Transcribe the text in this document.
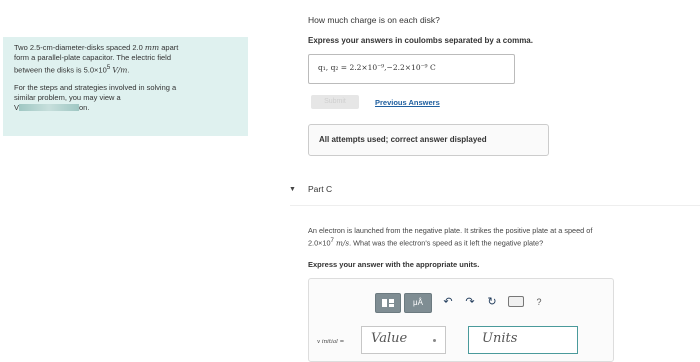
Two 2.5-cm-diameter-disks spaced 2.0 mm apart
form a parallel-plate capacitor. The electric field
between the disks is $5.0\times 10^5$ V/m.

For the steps and strategies involved in solving a
similar problem, you may view a
V	on.

How much charge is on each disk?
Express your answers in coulombs separated by a comma.
q₁, q₂ = 2.2×10⁻⁹,−2.2×10⁻⁹ C
Submit	Previous Answers
All attempts used; correct answer displayed
▼ Part C
An electron is launched from the negative plate. It strikes the positive plate at a speed of
$2.0\times 10^7$ m/s. What was the electron's speed as it left the negative plate?
Express your answer with the appropriate units.
μÅ	↶ ↷ ↻	?
v initial =	Value	Units
